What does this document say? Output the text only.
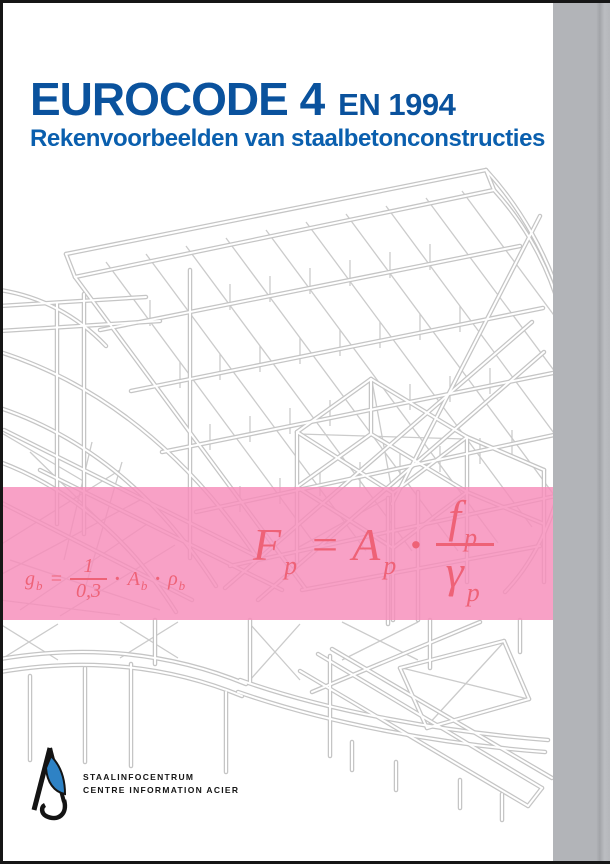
EUROCODE 4 EN 1994
Rekenvoorbeelden van staalbetonconstructies
$g_b = \frac{1}{0,3} \cdot A_b \cdot \rho_b$
F $_p$ = A $_p \cdot \frac{f _p}{\gamma _p}$
STAALINFOCENTRUM
CENTRE INFORMATION ACIER
